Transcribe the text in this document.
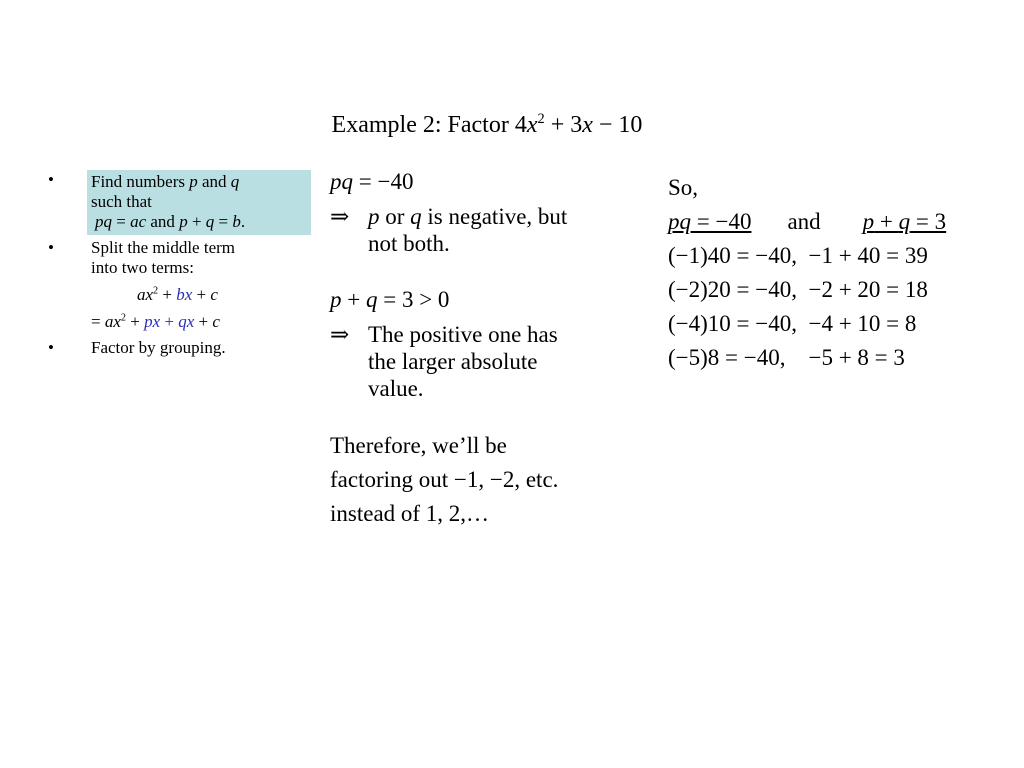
Example 2: Factor $4x^2 + 3x - 10$
• Find numbers p and q
such that
pq = ac and p + q = b.
• Split the middle term
into two terms:
$ax^2$ + bx + c
= $ax^2$ + px + qx + c
• Factor by grouping.
pq = −40
⇒ p or q is negative, but
not both.
p + q = 3 > 0
⇒ The positive one has
the larger absolute
value.
Therefore, we’ll be
factoring out −1, −2, etc.
instead of 1, 2,…
So,
pq = −40 and p + q = 3
(−1)40 = −40,  −1 + 40 = 39
(−2)20 = −40,  −2 + 20 = 18
(−4)10 = −40,  −4 + 10 = 8
(−5)8 = −40,    −5 + 8 = 3
